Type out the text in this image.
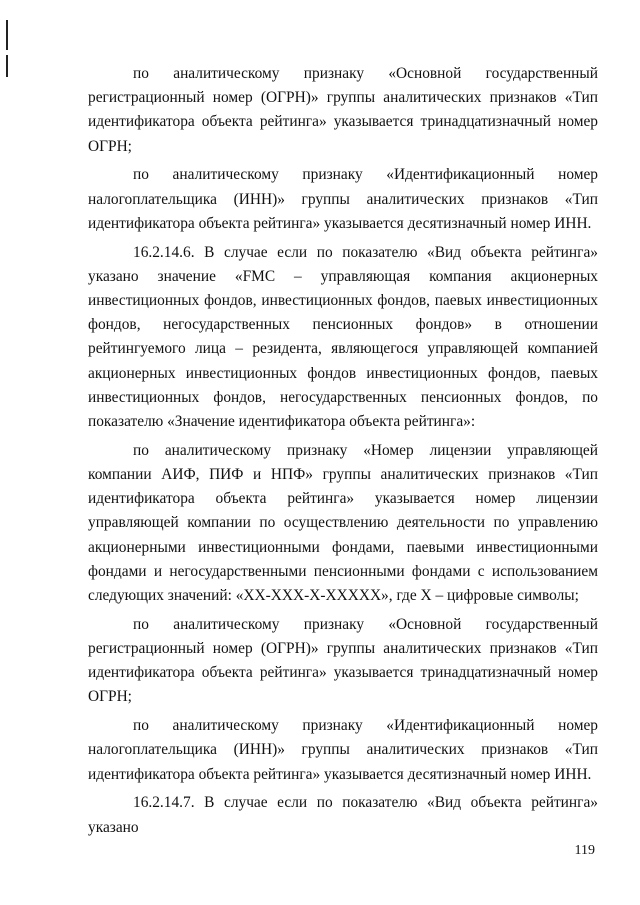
по аналитическому признаку «Основной государственный регистрационный номер (ОГРН)» группы аналитических признаков «Тип идентификатора объекта рейтинга» указывается тринадцатизначный номер ОГРН;

по аналитическому признаку «Идентификационный номер налогоплательщика (ИНН)» группы аналитических признаков «Тип идентификатора объекта рейтинга» указывается десятизначный номер ИНН.

16.2.14.6. В случае если по показателю «Вид объекта рейтинга» указано значение «FMC – управляющая компания акционерных инвестиционных фондов, инвестиционных фондов, паевых инвестиционных фондов, негосударственных пенсионных фондов» в отношении рейтингуемого лица – резидента, являющегося управляющей компанией акционерных инвестиционных фондов инвестиционных фондов, паевых инвестиционных фондов, негосударственных пенсионных фондов, по показателю «Значение идентификатора объекта рейтинга»:

по аналитическому признаку «Номер лицензии управляющей компании АИФ, ПИФ и НПФ» группы аналитических признаков «Тип идентификатора объекта рейтинга» указывается номер лицензии управляющей компании по осуществлению деятельности по управлению акционерными инвестиционными фондами, паевыми инвестиционными фондами и негосударственными пенсионными фондами с использованием следующих значений: «XX-XXX-X-XXXXX», где X – цифровые символы;

по аналитическому признаку «Основной государственный регистрационный номер (ОГРН)» группы аналитических признаков «Тип идентификатора объекта рейтинга» указывается тринадцатизначный номер ОГРН;

по аналитическому признаку «Идентификационный номер налогоплательщика (ИНН)» группы аналитических признаков «Тип идентификатора объекта рейтинга» указывается десятизначный номер ИНН.

16.2.14.7. В случае если по показателю «Вид объекта рейтинга» указано

119
